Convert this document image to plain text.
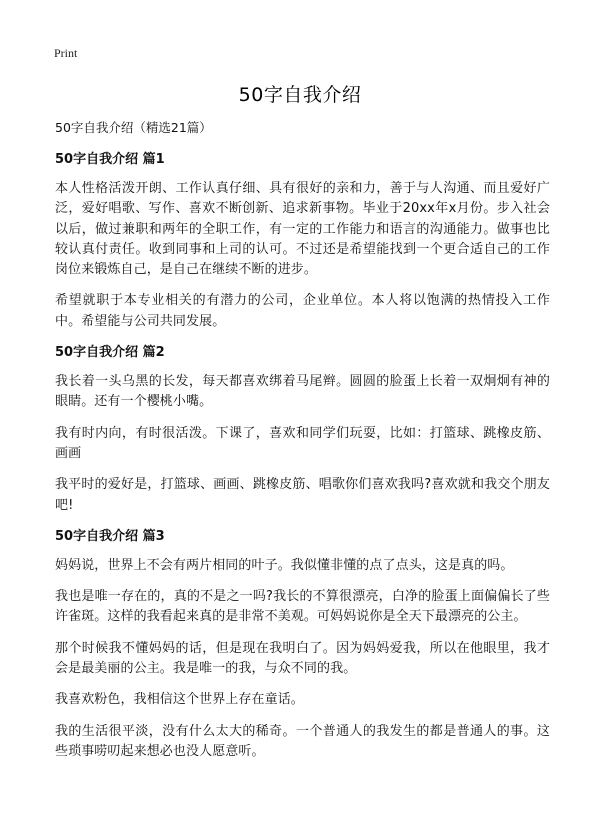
Print
50字自我介绍
50字自我介绍（精选21篇）
50字自我介绍 篇1

本人性格活泼开朗、工作认真仔细、具有很好的亲和力，善于与人沟通、而且爱好广泛，爱好唱歌、写作、喜欢不断创新、追求新事物。毕业于20xx年x月份。步入社会以后，做过兼职和两年的全职工作，有一定的工作能力和语言的沟通能力。做事也比较认真付责任。收到同事和上司的认可。不过还是希望能找到一个更合适自己的工作岗位来锻炼自己，是自己在继续不断的进步。

希望就职于本专业相关的有潜力的公司，企业单位。本人将以饱满的热情投入工作中。希望能与公司共同发展。

50字自我介绍 篇2

我长着一头乌黑的长发，每天都喜欢绑着马尾辫。圆圆的脸蛋上长着一双炯炯有神的眼睛。还有一个樱桃小嘴。

我有时内向，有时很活泼。下课了，喜欢和同学们玩耍，比如：打篮球、跳橡皮筋、画画

我平时的爱好是，打篮球、画画、跳橡皮筋、唱歌你们喜欢我吗?喜欢就和我交个朋友吧!

50字自我介绍 篇3

妈妈说，世界上不会有两片相同的叶子。我似懂非懂的点了点头，这是真的吗。

我也是唯一存在的，真的不是之一吗?我长的不算很漂亮，白净的脸蛋上面偏偏长了些许雀斑。这样的我看起来真的是非常不美观。可妈妈说你是全天下最漂亮的公主。

那个时候我不懂妈妈的话，但是现在我明白了。因为妈妈爱我，所以在他眼里，我才会是最美丽的公主。我是唯一的我，与众不同的我。

我喜欢粉色，我相信这个世界上存在童话。

我的生活很平淡，没有什么太大的稀奇。一个普通人的我发生的都是普通人的事。这些琐事唠叨起来想必也没人愿意听。
